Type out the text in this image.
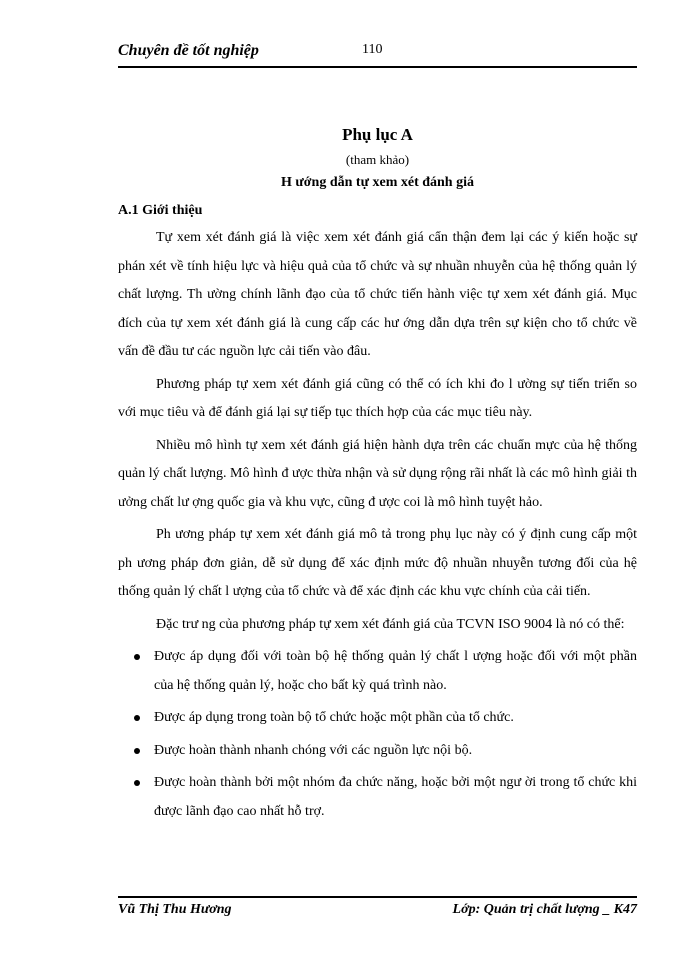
Chuyên đề tốt nghiệp	110
Phụ lục A

(tham khảo)

H ướng dẫn tự xem xét đánh giá
A.1 Giới thiệu

Tự xem xét đánh giá là việc xem xét đánh giá cẩn thận đem lại các ý kiến hoặc sự phán xét về tính hiệu lực và hiệu quả của tổ chức và sự nhuần nhuyễn của hệ thống quản lý chất lượng. Th ường chính lãnh đạo của tổ chức tiến hành việc tự xem xét đánh giá. Mục đích của tự xem xét đánh giá là cung cấp các hư ớng dẫn dựa trên sự kiện cho tổ chức về vấn đề đầu tư các nguồn lực cải tiến vào đâu.

Phương pháp tự xem xét đánh giá cũng có thể có ích khi đo l ường sự tiến triển so với mục tiêu và để đánh giá lại sự tiếp tục thích hợp của các mục tiêu này.

Nhiều mô hình tự xem xét đánh giá hiện hành dựa trên các chuẩn mực của hệ thống quản lý chất lượng. Mô hình đ ược thừa nhận và sử dụng rộng rãi nhất là các mô hình giải th ưởng chất lư ợng quốc gia và khu vực, cũng đ ược coi là mô hình tuyệt hảo.

Ph ương pháp tự xem xét đánh giá mô tả trong phụ lục này có ý định cung cấp một ph ương pháp đơn giản, dễ sử dụng để xác định mức độ nhuần nhuyễn tương đối của hệ thống quản lý chất l ượng của tổ chức và để xác định các khu vực chính của cải tiến.

Đặc trư ng của phương pháp tự xem xét đánh giá của TCVN ISO 9004 là nó có thể:

Được áp dụng đối với toàn bộ hệ thống quản lý chất l ượng hoặc đối với một phần của hệ thống quản lý, hoặc cho bất kỳ quá trình nào.
Được áp dụng trong toàn bộ tổ chức hoặc một phần của tổ chức.
Được hoàn thành nhanh chóng với các nguồn lực nội bộ.
Được hoàn thành bởi một nhóm đa chức năng, hoặc bởi một ngư ời trong tổ chức khi được lãnh đạo cao nhất hỗ trợ.
Vũ Thị Thu Hương	Lớp: Quản trị chất lượng _ K47
